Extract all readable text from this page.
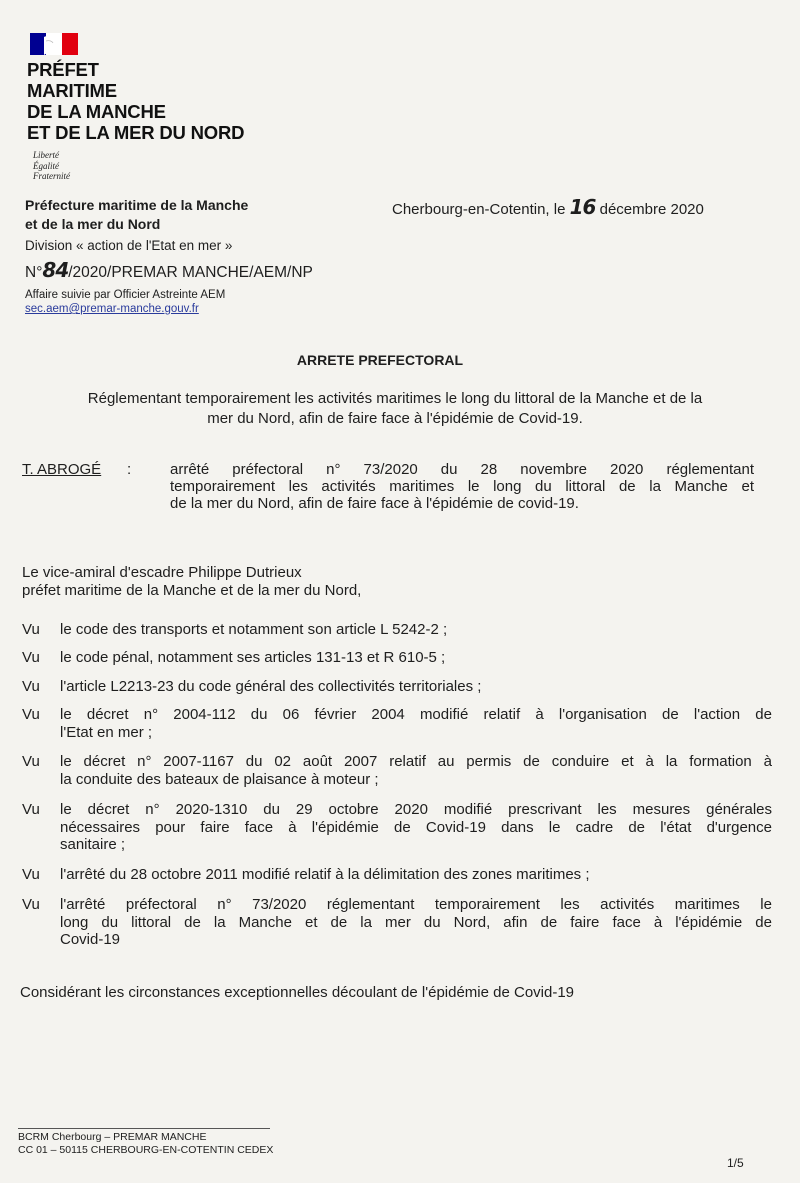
PRÉFET
MARITIME
DE LA MANCHE
ET DE LA MER DU NORD
Liberté
Égalité
Fraternité
Préfecture maritime de la Manche
et de la mer du Nord
Cherbourg-en-Cotentin, le 16 décembre 2020
Division « action de l'Etat en mer »
N°84/2020/PREMAR MANCHE/AEM/NP
Affaire suivie par Officier Astreinte AEM
sec.aem@premar-manche.gouv.fr
ARRETE PREFECTORAL
Réglementant temporairement les activités maritimes le long du littoral de la Manche et de la
mer du Nord, afin de faire face à l'épidémie de Covid-19.
T. ABROGÉ :	arrêté préfectoral n° 73/2020 du 28 novembre 2020 réglementant
temporairement les activités maritimes le long du littoral de la Manche et
de la mer du Nord, afin de faire face à l'épidémie de covid-19.
Le vice-amiral d'escadre Philippe Dutrieux
préfet maritime de la Manche et de la mer du Nord,
Vu le code des transports et notamment son article L 5242-2 ;
Vu le code pénal, notamment ses articles 131-13 et R 610-5 ;
Vu l'article L2213-23 du code général des collectivités territoriales ;
Vu le décret n° 2004-112 du 06 février 2004 modifié relatif à l'organisation de l'action de
l'Etat en mer ;
Vu le décret n° 2007-1167 du 02 août 2007 relatif au permis de conduire et à la formation à
la conduite des bateaux de plaisance à moteur ;
Vu le décret n° 2020-1310 du 29 octobre 2020 modifié prescrivant les mesures générales
nécessaires pour faire face à l'épidémie de Covid-19 dans le cadre de l'état d'urgence
sanitaire ;
Vu l'arrêté du 28 octobre 2011 modifié relatif à la délimitation des zones maritimes ;
Vu l'arrêté préfectoral n° 73/2020 réglementant temporairement les activités maritimes le
long du littoral de la Manche et de la mer du Nord, afin de faire face à l'épidémie de
Covid-19
Considérant les circonstances exceptionnelles découlant de l'épidémie de Covid-19
BCRM Cherbourg – PREMAR MANCHE
CC 01 – 50115 CHERBOURG-EN-COTENTIN CEDEX
1/5
